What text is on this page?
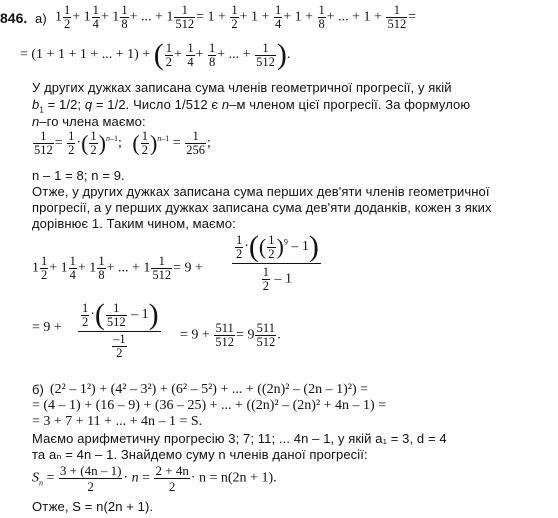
846. а) $1 \frac{1}{2} + 1 \frac{1}{4} + 1 \frac{1}{8}$ + ... + $1 \frac{1}{512} = 1 + \frac{1}{2} + 1 + \frac{1}{4} + 1 + \frac{1}{8}$ + ... + $1 + \frac{1}{512}$ =
= (1 + 1 + 1 + ... + 1) + ( $\frac{1}{2} + \frac{1}{4} + \frac{1}{8}$ + ... + $\frac{1}{512}$ ).
У других дужках записана сума членів геометричної прогресії, у якій
$b_1 = 1/2$; q = 1/2. Число 1/512 є n–м членом цієї прогресії. За формулою
n–го члена маємо:
$\frac{1}{512} = \frac{1}{2}$ ·( $\frac{1}{2} )^{n-1}$;   ( $\frac{1}{2} )^{n-1} = \frac{1}{256}$ ;
n – 1 = 8; n = 9.
Отже, у других дужках записана сума перших дев'яти членів геометричної
прогресії, а у перших дужках записана сума дев'яти доданків, кожен з яких
дорівнює 1. Таким чином, маємо:
$1 \frac{1}{2} + 1 \frac{1}{4} + 1 \frac{1}{8}$ + ... + $1 \frac{1}{512} = 9$ +
$\frac{1}{2}$ ·(( $\frac{1}{2} )^9 - 1$)
$\frac{1}{2} - 1$
= $9 + \frac{1}{2}$ ·( $\frac{1}{512} - 1$)
$\frac{-1}{2}$	= $9 + \frac{511}{512} = 9 \frac{511}{512}$ .
б) (2² – 1²) + (4² – 3²) + (6² – 5²) + ... + ((2n)² – (2n – 1)²) =
= (4 – 1) + (16 – 9) + (36 – 25) + ... + ((2n)² – (2n)² + 4n – 1) =
= 3 + 7 + 11 + ... + 4n – 1 = S.
Маємо арифметичну прогресію 3; 7; 11; ... 4n – 1, у якій a₁ = 3, d = 4
та aₙ = 4n – 1. Знайдемо суму n членів даної прогресії:
$S_n = \frac{3 + (4n - 1)}{2} \cdot n = \frac{2 + 4n}{2} \cdot n = n(2n + 1)$.
Отже, S = n(2n + 1).
